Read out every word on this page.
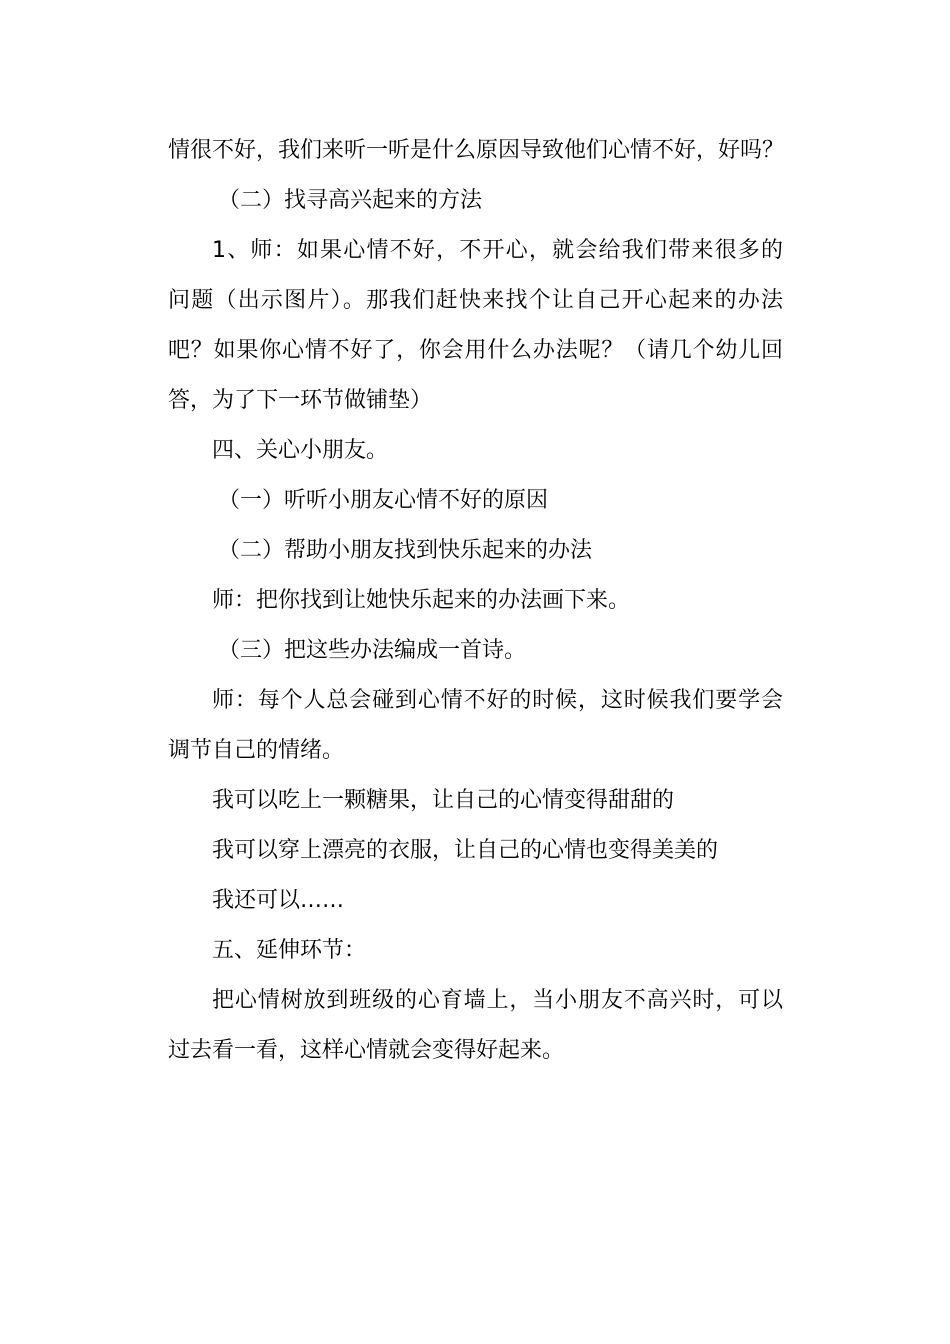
情很不好，我们来听一听是什么原因导致他们心情不好，好吗？
（二）找寻高兴起来的方法
1、师：如果心情不好，不开心，就会给我们带来很多的
问题（出示图片）。那我们赶快来找个让自己开心起来的办法
吧？如果你心情不好了，你会用什么办法呢？（请几个幼儿回
答，为了下一环节做铺垫）
四、关心小朋友。
（一）听听小朋友心情不好的原因
（二）帮助小朋友找到快乐起来的办法
师：把你找到让她快乐起来的办法画下来。
（三）把这些办法编成一首诗。
师：每个人总会碰到心情不好的时候，这时候我们要学会
调节自己的情绪。
我可以吃上一颗糖果，让自己的心情变得甜甜的
我可以穿上漂亮的衣服，让自己的心情也变得美美的
我还可以……
五、延伸环节：
把心情树放到班级的心育墙上，当小朋友不高兴时，可以
过去看一看，这样心情就会变得好起来。
